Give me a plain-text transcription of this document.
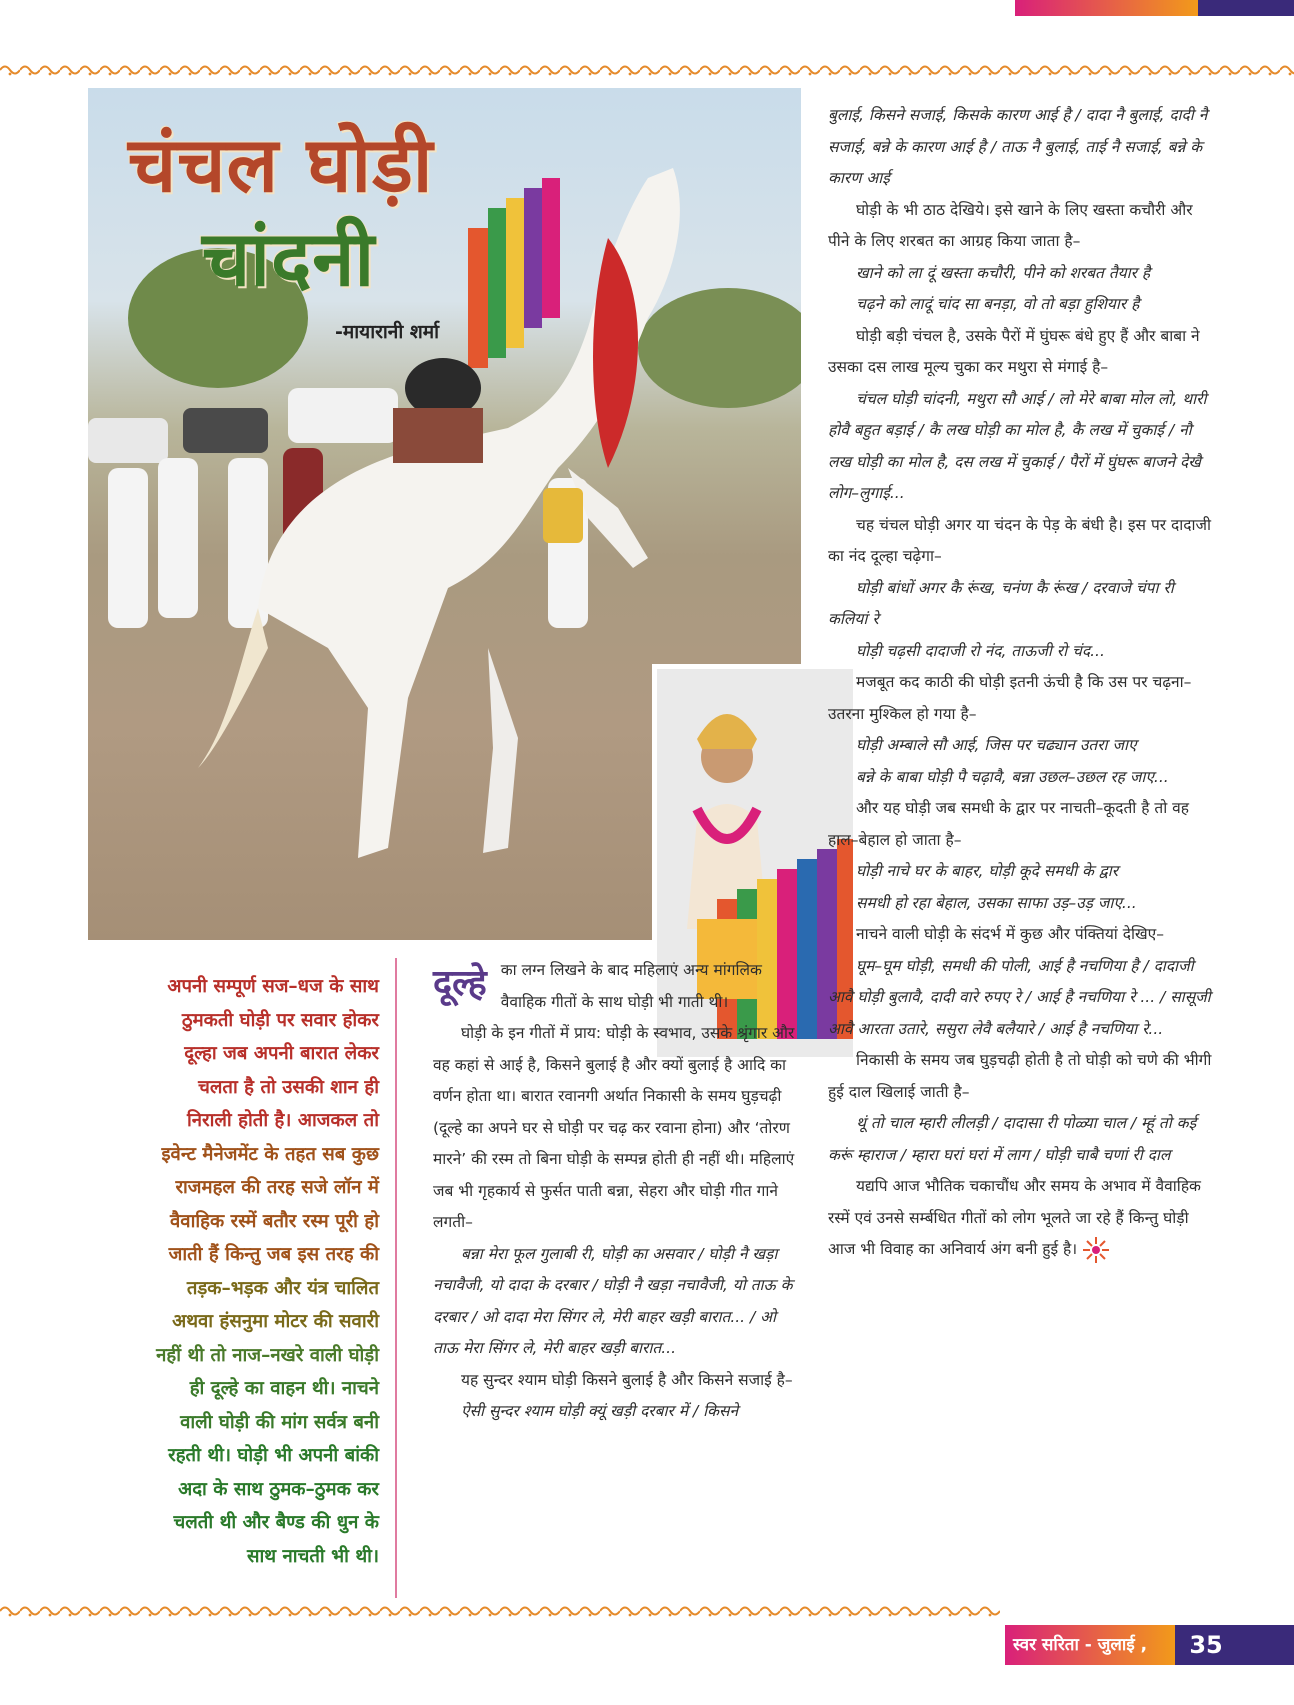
चंचल घोड़ी

चांदनी
-मायारानी शर्मा
अपनी सम्पूर्ण सज–धज के साथ
ठुमकती घोड़ी पर सवार होकर
दूल्हा जब अपनी बारात लेकर
चलता है तो उसकी शान ही
निराली होती है। आजकल तो
इवेन्ट मैनेजमेंट के तहत सब कुछ
राजमहल की तरह सजे लॉन में
वैवाहिक रस्में बतौर रस्म पूरी हो
जाती हैं किन्तु जब इस तरह की
तड़क–भड़क और यंत्र चालित
अथवा हंसनुमा मोटर की सवारी
नहीं थी तो नाज–नखरे वाली घोड़ी
ही दूल्हे का वाहन थी। नाचने
वाली घोड़ी की मांग सर्वत्र बनी
रहती थी। घोड़ी भी अपनी बांकी
अदा के साथ ठुमक–ठुमक कर
चलती थी और बैण्ड की धुन के
साथ नाचती भी थी।
दूल्हे का लग्न लिखने के बाद महिलाएं अन्य मांगलिक वैवाहिक गीतों के साथ घोड़ी भी गाती थी।

घोड़ी के इन गीतों में प्राय: घोड़ी के स्वभाव, उसके श्रृंगार और वह कहां से आई है, किसने बुलाई है और क्यों बुलाई है आदि का वर्णन होता था। बारात रवानगी अर्थात निकासी के समय घुड़चढ़ी (दूल्हे का अपने घर से घोड़ी पर चढ़ कर रवाना होना) और ‘तोरण मारने’ की रस्म तो बिना घोड़ी के सम्पन्न होती ही नहीं थी। महिलाएं जब भी गृहकार्य से फुर्सत पाती बन्ना, सेहरा और घोड़ी गीत गाने लगती–

बन्ना मेरा फूल गुलाबी री, घोड़ी का असवार / घोड़ी नै खड़ा नचावैजी, यो दादा के दरबार / घोड़ी नै खड़ा नचावैजी, यो ताऊ के दरबार / ओ दादा मेरा सिंगर ले, मेरी बाहर खड़ी बारात... / ओ ताऊ मेरा सिंगर ले, मेरी बाहर खड़ी बारात...

यह सुन्दर श्याम घोड़ी किसने बुलाई है और किसने सजाई है–

ऐसी सुन्दर श्याम घोड़ी क्यूं खड़ी दरबार में / किसने

बुलाई, किसने सजाई, किसके कारण आई है / दादा नै बुलाई, दादी नै सजाई, बन्ने के कारण आई है / ताऊ नै बुलाई, ताई नै सजाई, बन्ने के कारण आई

घोड़ी के भी ठाठ देखिये। इसे खाने के लिए खस्ता कचौरी और पीने के लिए शरबत का आग्रह किया जाता है–

खाने को ला दूं खस्ता कचौरी, पीने को शरबत तैयार है

चढ़ने को लादूं चांद सा बनड़ा, वो तो बड़ा हुशियार है

घोड़ी बड़ी चंचल है, उसके पैरों में घुंघरू बंधे हुए हैं और बाबा ने उसका दस लाख मूल्य चुका कर मथुरा से मंगाई है–

चंचल घोड़ी चांदनी, मथुरा सौ आई / लो मेरे बाबा मोल लो, थारी होवै बहुत बड़ाई / कै लख घोड़ी का मोल है, कै लख में चुकाई / नौ लख घोड़ी का मोल है, दस लख में चुकाई / पैरों में घुंघरू बाजने देखै लोग–लुगाई...

चह चंचल घोड़ी अगर या चंदन के पेड़ के बंधी है। इस पर दादाजी का नंद दूल्हा चढ़ेगा–

घोड़ी बांधों अगर कै रूंख, चनंण कै रूंख / दरवाजे चंपा री कलियां रे

घोड़ी चढ़सी दादाजी रो नंद, ताऊजी रो चंद...

मजबूत कद काठी की घोड़ी इतनी ऊंची है कि उस पर चढ़ना–उतरना मुश्किल हो गया है–

घोड़ी अम्बाले सौ आई, जिस पर चढ्यान उतरा जाए

बन्ने के बाबा घोड़ी पै चढ़ावै, बन्ना उछल–उछल रह जाए...

और यह घोड़ी जब समधी के द्वार पर नाचती–कूदती है तो वह हाल–बेहाल हो जाता है–

घोड़ी नाचे घर के बाहर, घोड़ी कूदे समधी के द्वार

समधी हो रहा बेहाल, उसका साफा उड़–उड़ जाए...

नाचने वाली घोड़ी के संदर्भ में कुछ और पंक्तियां देखिए–

घूम–घूम घोड़ी, समधी की पोली, आई है नचणिया है / दादाजी आवै घोड़ी बुलावै, दादी वारे रुपए रे / आई है नचणिया रे ... / सासूजी आवै आरता उतारे, ससुरा लेवै बलैयारे / आई है नचणिया रे...

निकासी के समय जब घुड़चढ़ी होती है तो घोड़ी को चणे की भीगी हुई दाल खिलाई जाती है–

थूं तो चाल म्हारी लीलड़ी / दादासा री पोळ्या चाल / म्हूं तो कई करूं म्हाराज / म्हारा घरां घरां में लाग / घोड़ी चाबै चणां री दाल

यद्यपि आज भौतिक चकाचौंध और समय के अभाव में वैवाहिक रस्में एवं उनसे सर्म्बधित गीतों को लोग भूलते जा रहे हैं किन्तु घोड़ी आज भी विवाह का अनिवार्य अंग बनी हुई है।

स्वर सरिता - जुलाई , 2024
35
